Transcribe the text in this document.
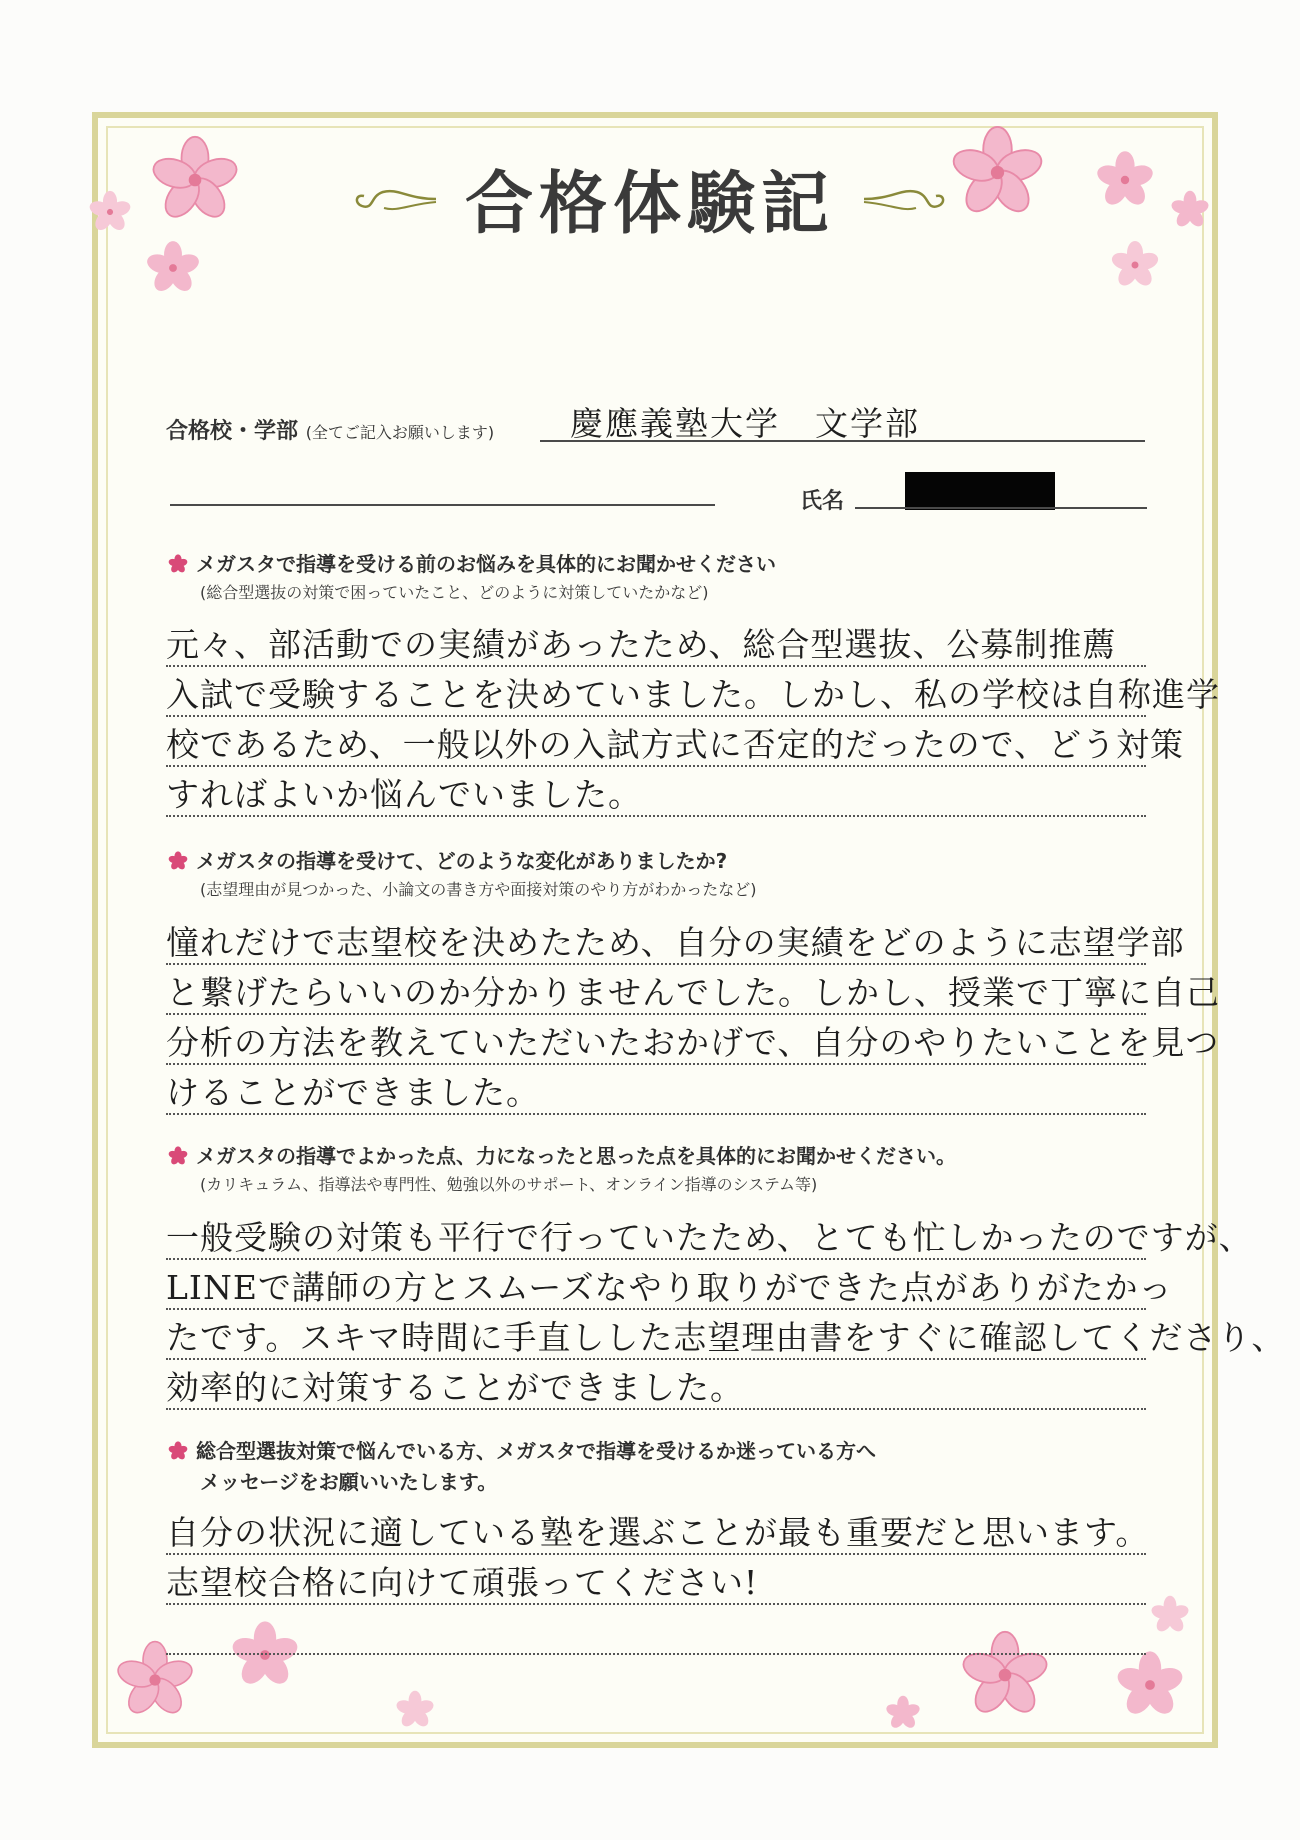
合格体験記
合格校・学部 (全てご記入お願いします) 慶應義塾大学　文学部
氏名
メガスタで指導を受ける前のお悩みを具体的にお聞かせください
(総合型選抜の対策で困っていたこと、どのように対策していたかなど)
元々、部活動での実績があったため、総合型選抜、公募制推薦
入試で受験することを決めていました。しかし、私の学校は自称進学
校であるため、一般以外の入試方式に否定的だったので、どう対策
すればよいか悩んでいました。
メガスタの指導を受けて、どのような変化がありましたか?
(志望理由が見つかった、小論文の書き方や面接対策のやり方がわかったなど)
憧れだけで志望校を決めたため、自分の実績をどのように志望学部
と繋げたらいいのか分かりませんでした。しかし、授業で丁寧に自己
分析の方法を教えていただいたおかげで、自分のやりたいことを見つ
けることができました。
メガスタの指導でよかった点、力になったと思った点を具体的にお聞かせください。
(カリキュラム、指導法や専門性、勉強以外のサポート、オンライン指導のシステム等)
一般受験の対策も平行で行っていたため、とても忙しかったのですが、
LINEで講師の方とスムーズなやり取りができた点がありがたかっ
たです。スキマ時間に手直しした志望理由書をすぐに確認してくださり、
効率的に対策することができました。
総合型選抜対策で悩んでいる方、メガスタで指導を受けるか迷っている方へ
メッセージをお願いいたします。
自分の状況に適している塾を選ぶことが最も重要だと思います。
志望校合格に向けて頑張ってください!
